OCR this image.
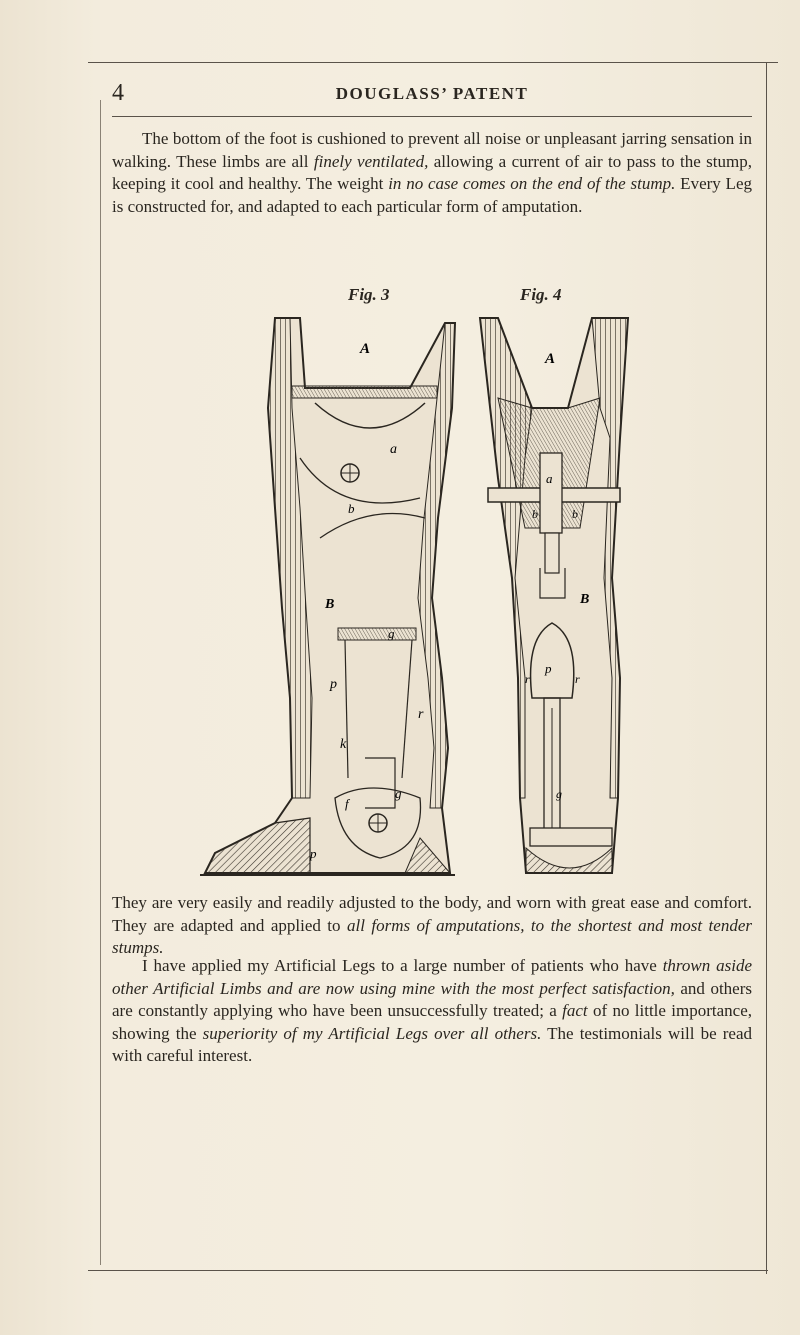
4	DOUGLASS’ PATENT

The bottom of the foot is cushioned to prevent all noise or unpleasant jarring sensation in walking. These limbs are all finely ventilated, allowing a current of air to pass to the stump, keeping it cool and healthy. The weight in no case comes on the end of the stump. Every Leg is constructed for, and adapted to each particular form of amputation.

Fig. 3	Fig. 4
A
a
b
B
g
p
r
k
f
g
p
A
a
b	b
B
p
r	r
g

They are very easily and readily adjusted to the body, and worn with great ease and comfort. They are adapted and applied to all forms of amputations, to the shortest and most tender stumps.

I have applied my Artificial Legs to a large number of patients who have thrown aside other Artificial Limbs and are now using mine with the most perfect satisfaction, and others are constantly applying who have been unsuccessfully treated; a fact of no little importance, showing the superiority of my Artificial Legs over all others. The testimonials will be read with careful interest.
